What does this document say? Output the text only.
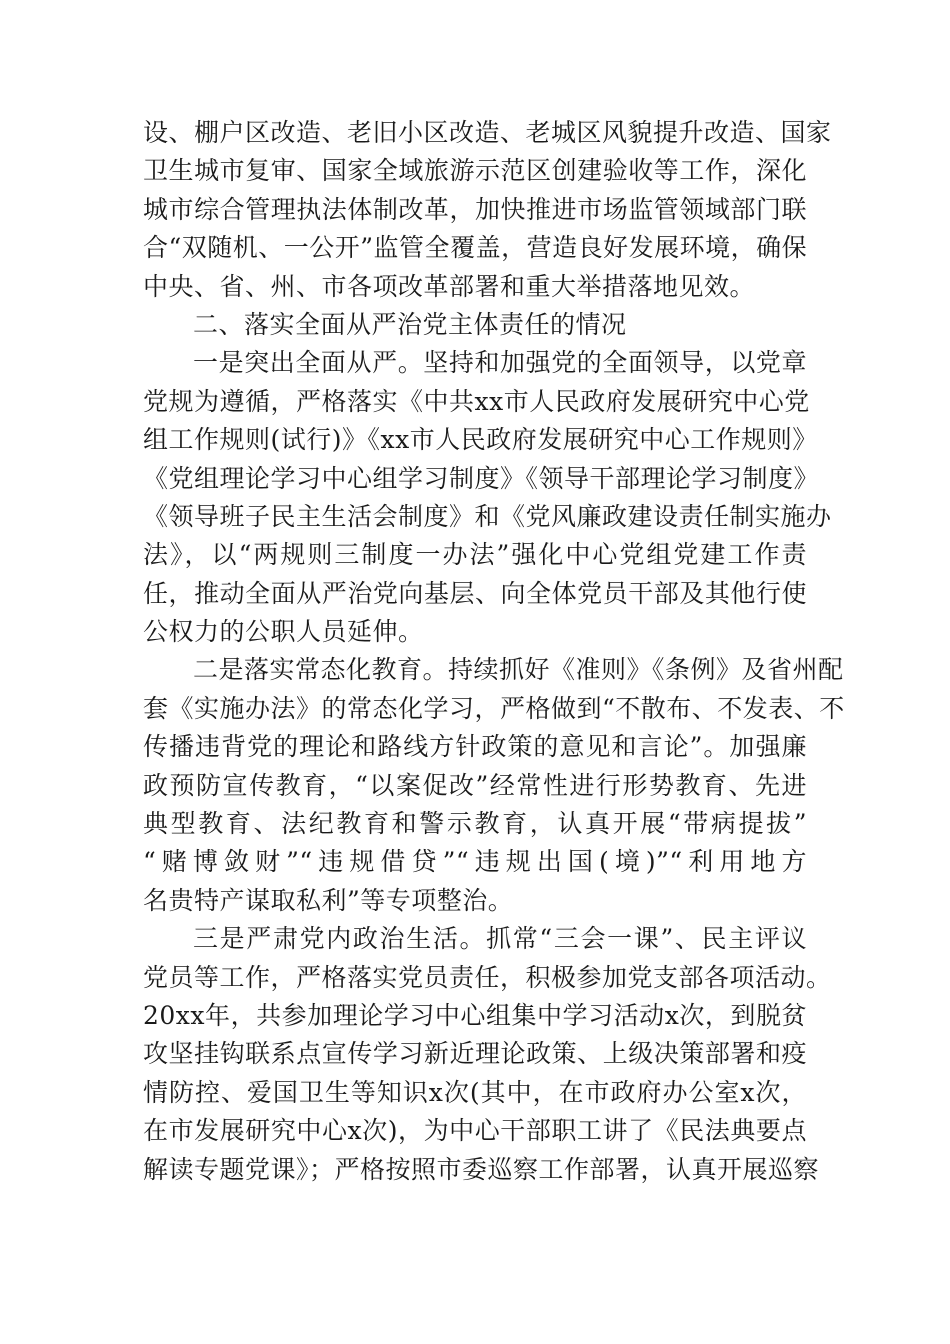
设、棚户区改造、老旧小区改造、老城区风貌提升改造、国家
卫生城市复审、国家全域旅游示范区创建验收等工作，深化
城市综合管理执法体制改革，加快推进市场监管领域部门联
合“双随机、一公开”监管全覆盖，营造良好发展环境，确保
中央、省、州、市各项改革部署和重大举措落地见效。
二、落实全面从严治党主体责任的情况
一是突出全面从严。坚持和加强党的全面领导，以党章
党规为遵循，严格落实《中共xx市人民政府发展研究中心党
组工作规则(试行)》《xx市人民政府发展研究中心工作规则》
《党组理论学习中心组学习制度》《领导干部理论学习制度》
《领导班子民主生活会制度》和《党风廉政建设责任制实施办
法》，以“两规则三制度一办法”强化中心党组党建工作责
任，推动全面从严治党向基层、向全体党员干部及其他行使
公权力的公职人员延伸。
二是落实常态化教育。持续抓好《准则》《条例》及省州配
套《实施办法》的常态化学习，严格做到“不散布、不发表、不
传播违背党的理论和路线方针政策的意见和言论”。加强廉
政预防宣传教育，“以案促改”经常性进行形势教育、先进
典型教育、法纪教育和警示教育，认真开展“带病提拔”
“赌博敛财”“违规借贷”“违规出国(境)”“利用地方
名贵特产谋取私利”等专项整治。
三是严肃党内政治生活。抓常“三会一课”、民主评议
党员等工作，严格落实党员责任，积极参加党支部各项活动。
20xx年，共参加理论学习中心组集中学习活动x次，到脱贫
攻坚挂钩联系点宣传学习新近理论政策、上级决策部署和疫
情防控、爱国卫生等知识x次(其中，在市政府办公室x次，
在市发展研究中心x次)，为中心干部职工讲了《民法典要点
解读专题党课》；严格按照市委巡察工作部署，认真开展巡察
